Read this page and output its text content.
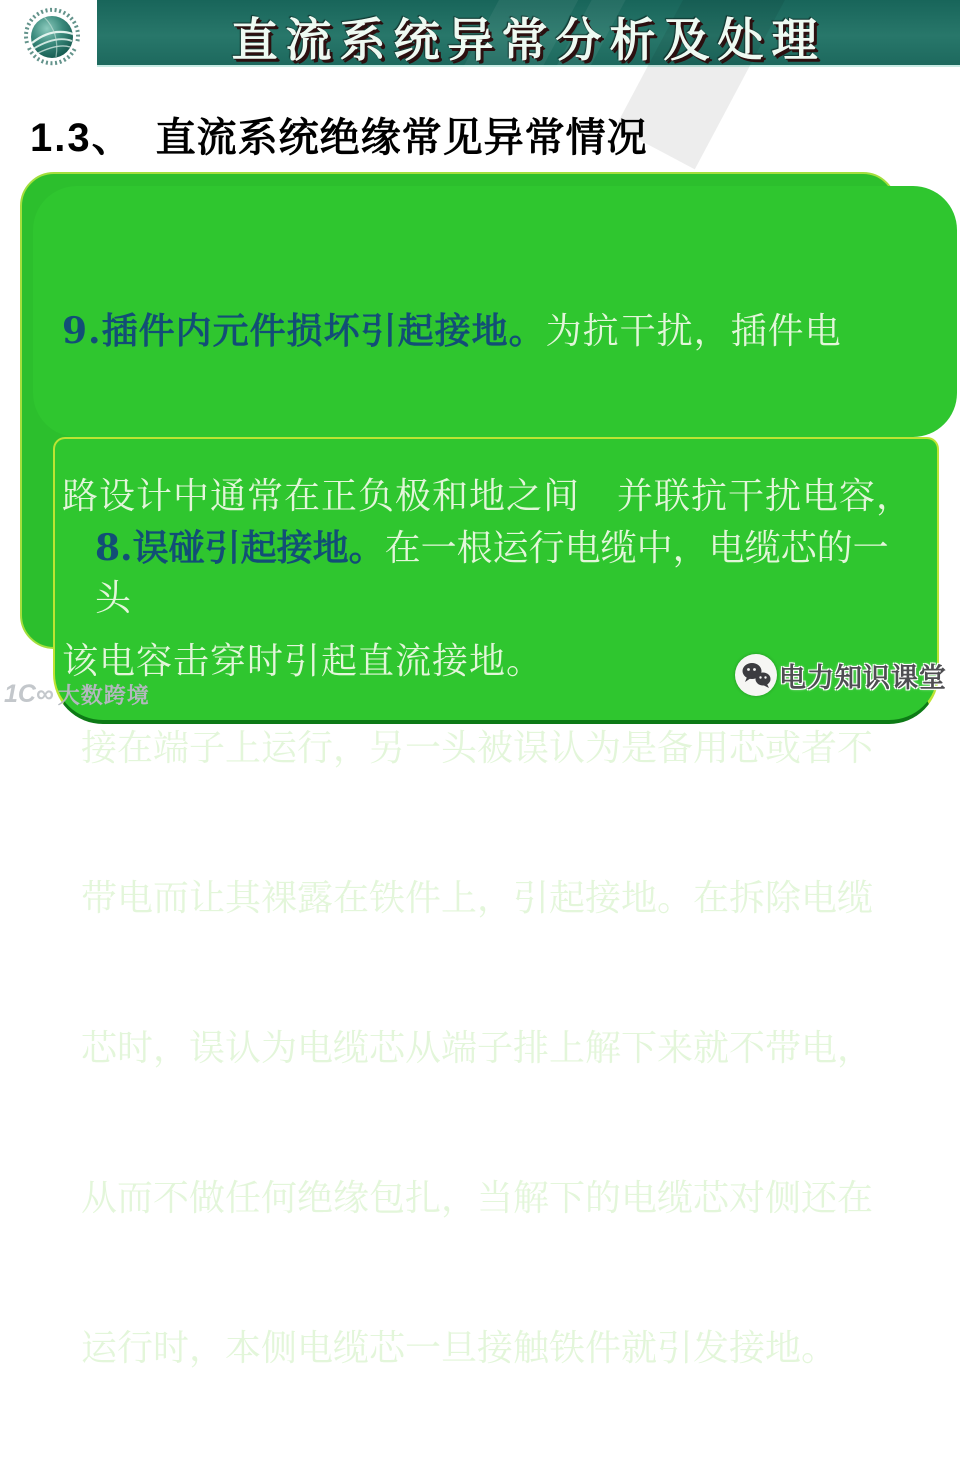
8.误碰引起接地。在一根运行电缆中，电缆芯的一头

接在端子上运行，另一头被误认为是备用芯或者不

带电而让其裸露在铁件上，引起接地。在拆除电缆

芯时，误认为电缆芯从端子排上解下来就不带电，

从而不做任何绝缘包扎，当解下的电缆芯对侧还在

运行时，本侧电缆芯一旦接触铁件就引发接地。

9.插件内元件损坏引起接地。为抗干扰，插件电

路设计中通常在正负极和地之间　并联抗干扰电容，

该电容击穿时引起直流接地。

直流系统异常分析及处理
1.3、 直流系统绝缘常见异常情况
1C∞ 大数跨境
电力知识课堂
